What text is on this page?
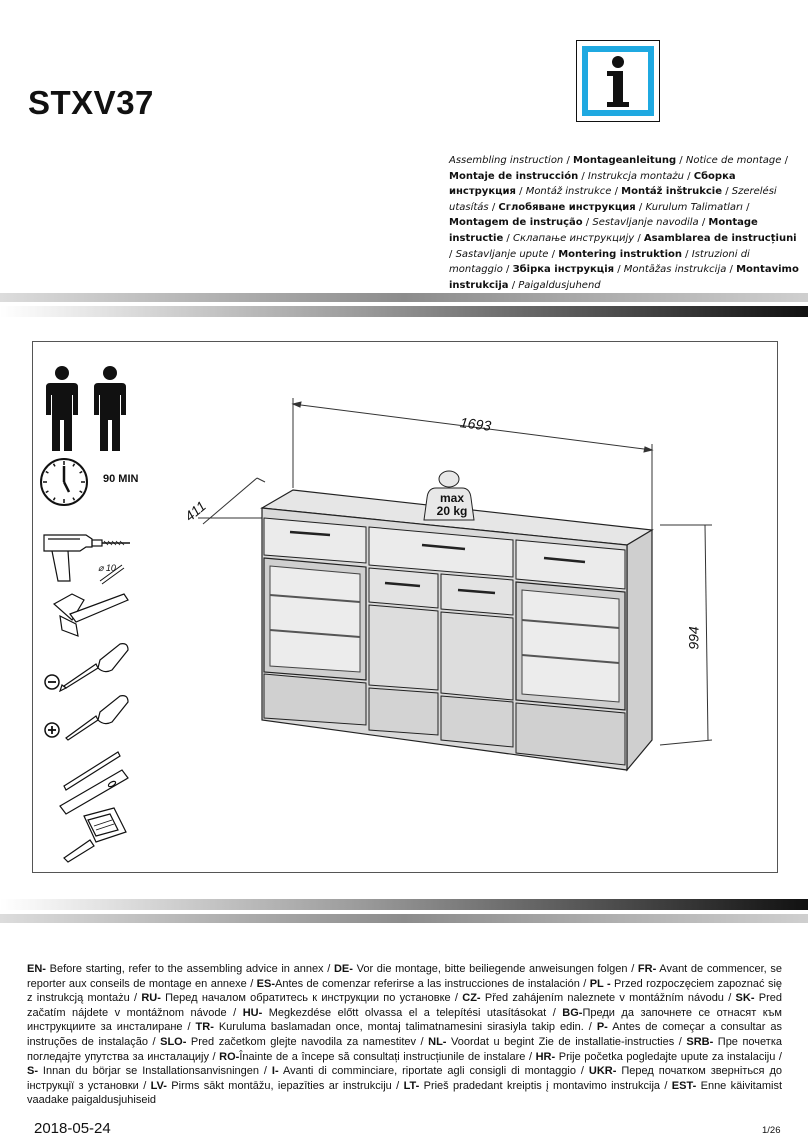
STXV37
Assembling instruction / Montageanleitung / Notice de montage / Montaje de instrucción / Instrukcja montażu / Сборка инструкция / Montáž instrukce / Montáž inštrukcie / Szerelési utasítás / Сглобяване инструкция / Kurulum Talimatları / Montagem de instrução / Sestavljanje navodila / Montage instructie / Склапање инструкцију / Asamblarea de instrucțiuni / Sastavljanje upute / Montering instruktion / Istruzioni di montaggio / Збірка інструкція / Montāžas instrukcija / Montavimo instrukcija / Paigaldusjuhend
90 MIN
⌀ 10
max
20 kg
1693
411
994
EN- Before starting, refer to the assembling advice in annex / DE- Vor die montage, bitte beiliegende anweisungen folgen / FR- Avant de commencer, se reporter aux conseils de montage en annexe / ES-Antes de comenzar referirse a las instrucciones de instalación / PL - Przed rozpoczęciem zapoznać się z instrukcją montażu / RU- Перед началом обратитесь к инструкции по установке / CZ- Před zahájením naleznete v montážním návodu / SK- Pred začatím nájdete v montážnom návode / HU- Megkezdése előtt olvassa el a telepítési utasításokat / BG-Преди да започнете се отнасят към инструкциите за инсталиране / TR- Kuruluma baslamadan once, montaj talimatnamesini sirasiyla takip edin. / P- Antes de começar a consultar as instruções de instalação / SLO- Pred začetkom glejte navodila za namestitev / NL- Voordat u begint Zie de installatie-instructies / SRB- Пре почетка погледајте упутства за инсталацију / RO-Înainte de a începe să consultați instrucțiunile de instalare / HR- Prije početka pogledajte upute za instalaciju / S- Innan du börjar se Installationsanvisningen / I- Avanti di comminciare, riportate agli consigli di montaggio / UKR- Перед початком зверніться до інструкції з установки / LV- Pirms sākt montāžu, iepazīties ar instrukciju / LT- Prieš pradedant kreiptis į montavimo instrukcija / EST- Enne käivitamist vaadake paigaldusjuhiseid
2018-05-24	1/26
